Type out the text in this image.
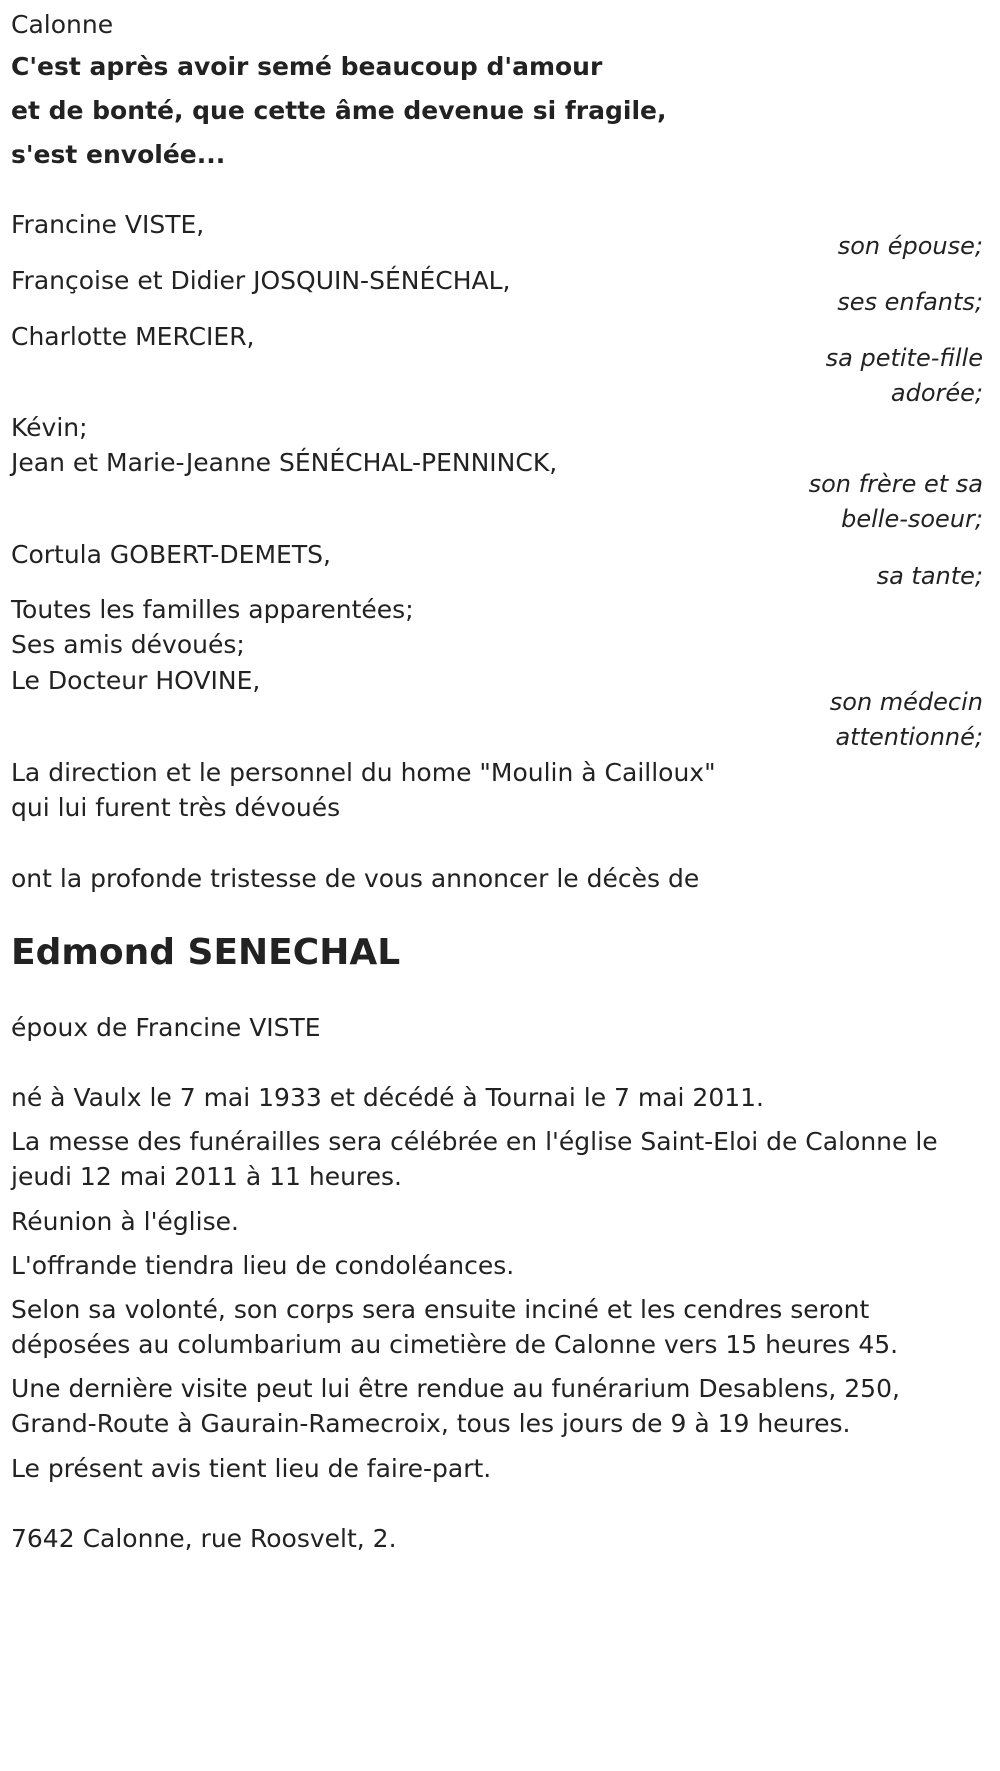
Calonne
C'est après avoir semé beaucoup d'amour
et de bonté, que cette âme devenue si fragile,
s'est envolée...
Francine VISTE,
son épouse;
Françoise et Didier JOSQUIN-SÉNÉCHAL,
ses enfants;
Charlotte MERCIER,
sa petite-fille
adorée;
Kévin;
Jean et Marie-Jeanne SÉNÉCHAL-PENNINCK,
son frère et sa
belle-soeur;
Cortula GOBERT-DEMETS,
sa tante;
Toutes les familles apparentées;
Ses amis dévoués;
Le Docteur HOVINE,
son médecin
attentionné;
La direction et le personnel du home "Moulin à Cailloux"
qui lui furent très dévoués
ont la profonde tristesse de vous annoncer le décès de
Edmond SENECHAL
époux de Francine VISTE
né à Vaulx le 7 mai 1933 et décédé à Tournai le 7 mai 2011.
La messe des funérailles sera célébrée en l'église Saint-Eloi de Calonne le
jeudi 12 mai 2011 à 11 heures.
Réunion à l'église.
L'offrande tiendra lieu de condoléances.
Selon sa volonté, son corps sera ensuite inciné et les cendres seront
déposées au columbarium au cimetière de Calonne vers 15 heures 45.
Une dernière visite peut lui être rendue au funérarium Desablens, 250,
Grand-Route à Gaurain-Ramecroix, tous les jours de 9 à 19 heures.
Le présent avis tient lieu de faire-part.
7642 Calonne, rue Roosvelt, 2.
